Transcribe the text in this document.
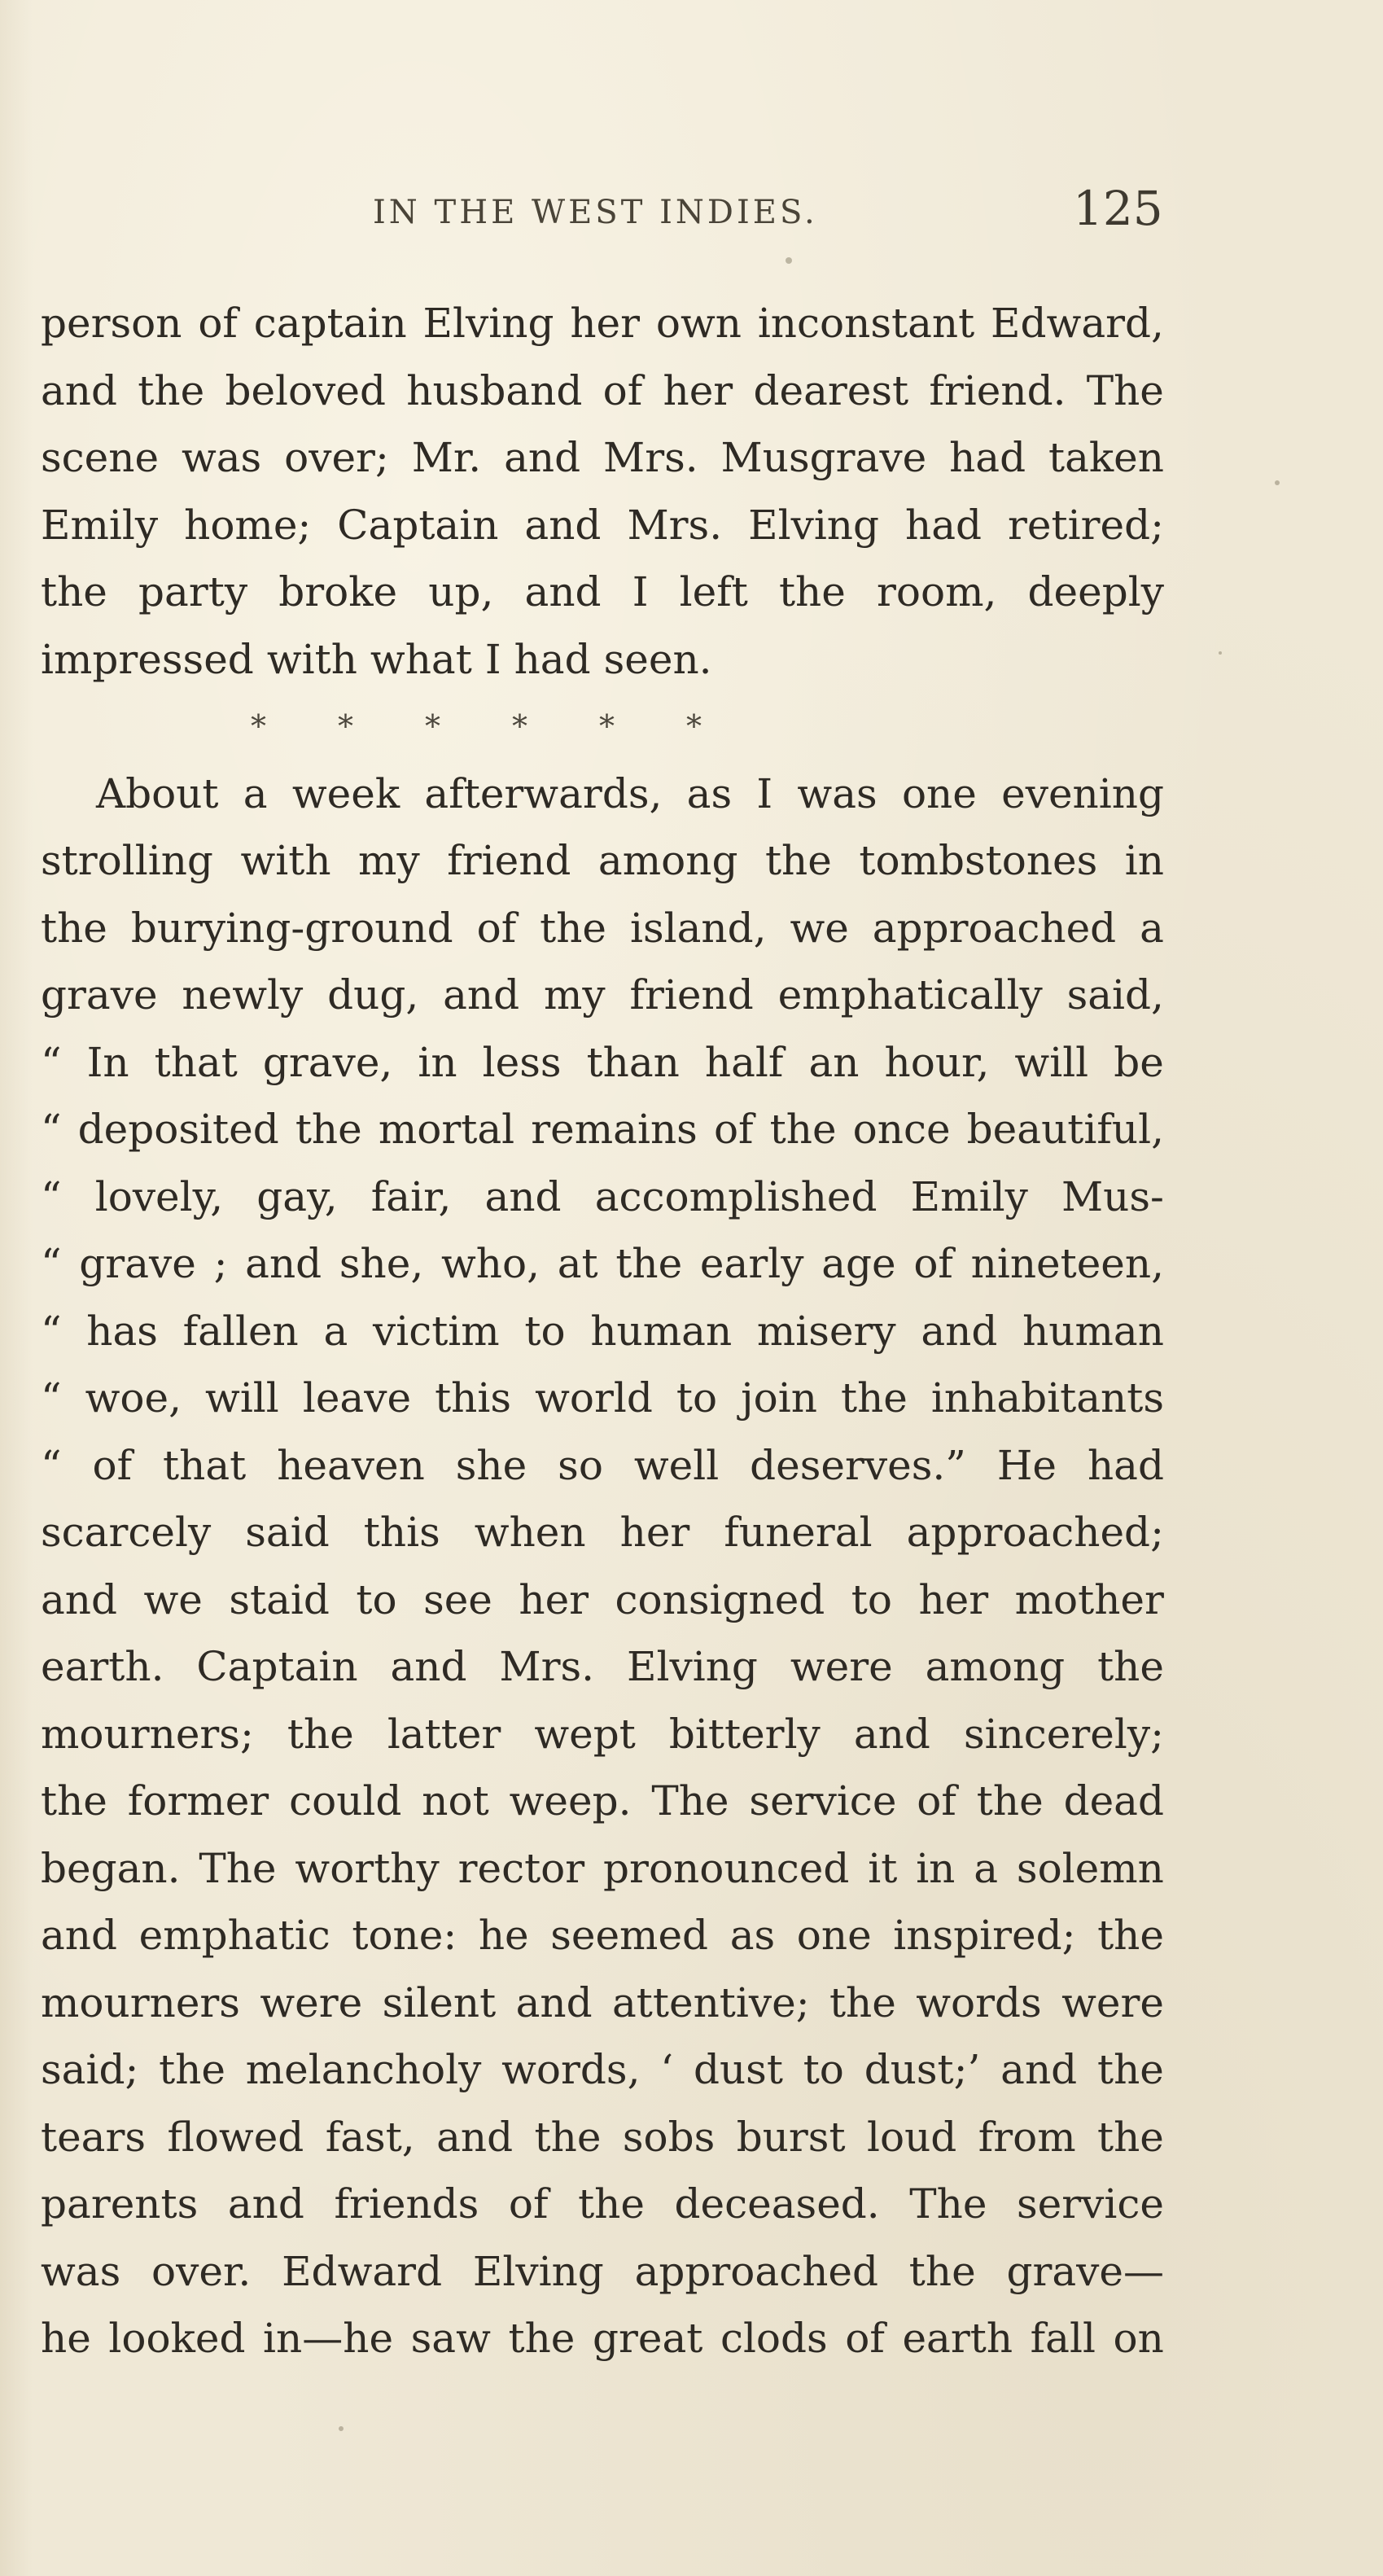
IN THE WEST INDIES.	125
person of captain Elving her own inconstant Edward,
and the beloved husband of her dearest friend. The
scene was over; Mr. and Mrs. Musgrave had taken
Emily home; Captain and Mrs. Elving had retired;
the party broke up, and I left the room, deeply
impressed with what I had seen.
* * * * * *
About a week afterwards, as I was one evening
strolling with my friend among the tombstones in
the burying-ground of the island, we approached a
grave newly dug, and my friend emphatically said,
“ In that grave, in less than half an hour, will be
“ deposited the mortal remains of the once beautiful,
“ lovely, gay, fair, and accomplished Emily Mus-
“ grave ; and she, who, at the early age of nineteen,
“ has fallen a victim to human misery and human
“ woe, will leave this world to join the inhabitants
“ of that heaven she so well deserves.” He had
scarcely said this when her funeral approached;
and we staid to see her consigned to her mother
earth. Captain and Mrs. Elving were among the
mourners; the latter wept bitterly and sincerely;
the former could not weep. The service of the dead
began. The worthy rector pronounced it in a solemn
and emphatic tone: he seemed as one inspired; the
mourners were silent and attentive; the words were
said; the melancholy words, ‘ dust to dust;’ and the
tears flowed fast, and the sobs burst loud from the
parents and friends of the deceased. The service
was over. Edward Elving approached the grave—
he looked in—he saw the great clods of earth fall on
